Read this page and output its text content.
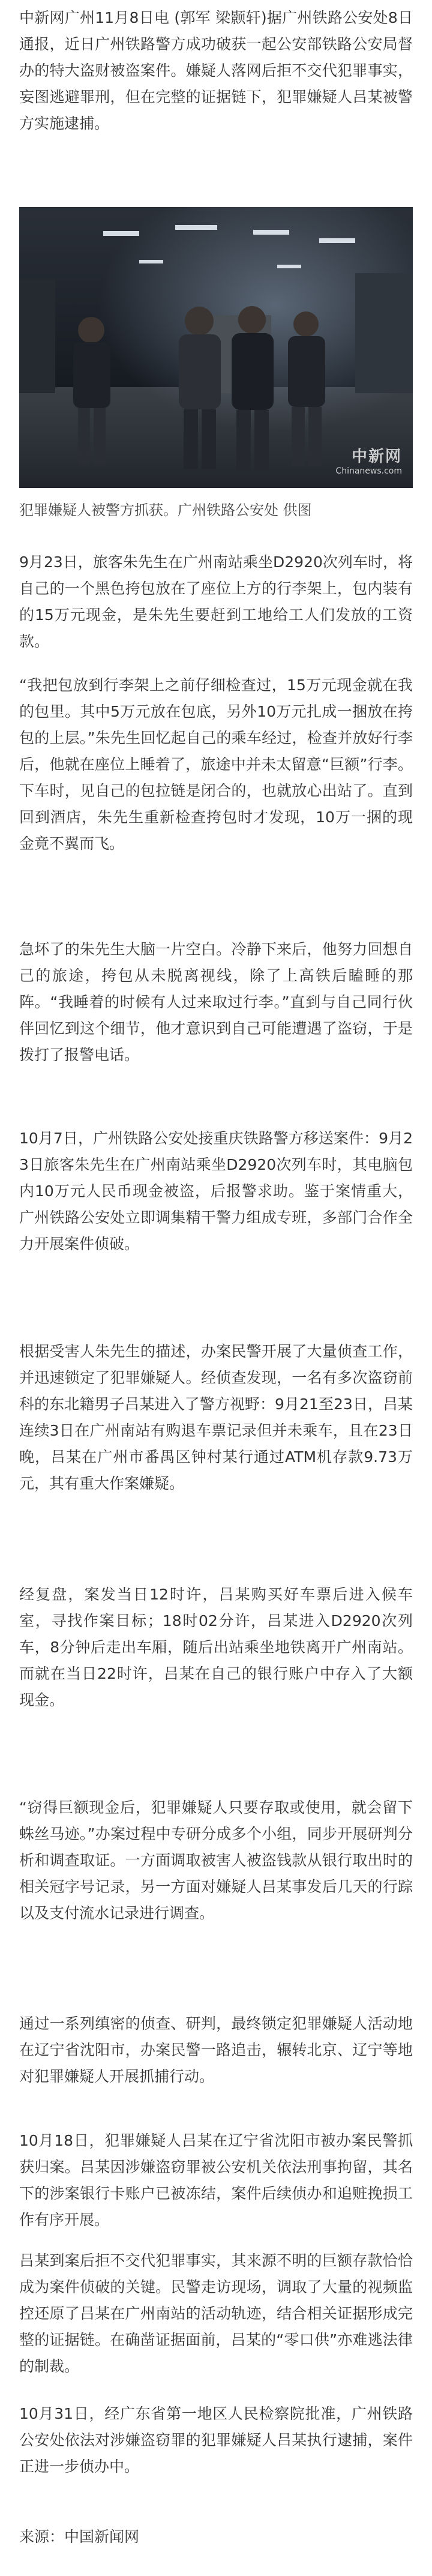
中新网广州11月8日电 (郭军 梁颢轩)据广州铁路公安处8日通报，近日广州铁路警方成功破获一起公安部铁路公安局督办的特大盗财被盗案件。嫌疑人落网后拒不交代犯罪事实，妄图逃避罪刑，但在完整的证据链下，犯罪嫌疑人吕某被警方实施逮捕。

中新网
Chinanews.com

犯罪嫌疑人被警方抓获。广州铁路公安处 供图

9月23日，旅客朱先生在广州南站乘坐D2920次列车时，将自己的一个黑色挎包放在了座位上方的行李架上，包内装有的15万元现金，是朱先生要赶到工地给工人们发放的工资款。

“我把包放到行李架上之前仔细检查过，15万元现金就在我的包里。其中5万元放在包底，另外10万元扎成一捆放在挎包的上层。”朱先生回忆起自己的乘车经过，检查并放好行李后，他就在座位上睡着了，旅途中并未太留意“巨额”行李。下车时，见自己的包拉链是闭合的，也就放心出站了。直到回到酒店，朱先生重新检查挎包时才发现，10万一捆的现金竟不翼而飞。

急坏了的朱先生大脑一片空白。冷静下来后，他努力回想自己的旅途，挎包从未脱离视线，除了上高铁后瞌睡的那阵。“我睡着的时候有人过来取过行李。”直到与自己同行伙伴回忆到这个细节，他才意识到自己可能遭遇了盗窃，于是拨打了报警电话。

10月7日，广州铁路公安处接重庆铁路警方移送案件：9月23日旅客朱先生在广州南站乘坐D2920次列车时，其电脑包内10万元人民币现金被盗，后报警求助。鉴于案情重大，广州铁路公安处立即调集精干警力组成专班，多部门合作全力开展案件侦破。

根据受害人朱先生的描述，办案民警开展了大量侦查工作，并迅速锁定了犯罪嫌疑人。经侦查发现，一名有多次盗窃前科的东北籍男子吕某进入了警方视野：9月21至23日，吕某连续3日在广州南站有购退车票记录但并未乘车，且在23日晚，吕某在广州市番禺区钟村某行通过ATM机存款9.73万元，其有重大作案嫌疑。

经复盘，案发当日12时许，吕某购买好车票后进入候车室，寻找作案目标；18时02分许，吕某进入D2920次列车，8分钟后走出车厢，随后出站乘坐地铁离开广州南站。而就在当日22时许，吕某在自己的银行账户中存入了大额现金。

“窃得巨额现金后，犯罪嫌疑人只要存取或使用，就会留下蛛丝马迹。”办案过程中专研分成多个小组，同步开展研判分析和调查取证。一方面调取被害人被盗钱款从银行取出时的相关冠字号记录，另一方面对嫌疑人吕某事发后几天的行踪以及支付流水记录进行调查。

通过一系列缜密的侦查、研判，最终锁定犯罪嫌疑人活动地在辽宁省沈阳市，办案民警一路追击，辗转北京、辽宁等地对犯罪嫌疑人开展抓捕行动。

10月18日，犯罪嫌疑人吕某在辽宁省沈阳市被办案民警抓获归案。吕某因涉嫌盗窃罪被公安机关依法刑事拘留，其名下的涉案银行卡账户已被冻结，案件后续侦办和追赃挽损工作有序开展。

吕某到案后拒不交代犯罪事实，其来源不明的巨额存款恰恰成为案件侦破的关键。民警走访现场，调取了大量的视频监控还原了吕某在广州南站的活动轨迹，结合相关证据形成完整的证据链。在确凿证据面前，吕某的“零口供”亦难逃法律的制裁。

10月31日，经广东省第一地区人民检察院批准，广州铁路公安处依法对涉嫌盗窃罪的犯罪嫌疑人吕某执行逮捕，案件正进一步侦办中。

来源：中国新闻网
